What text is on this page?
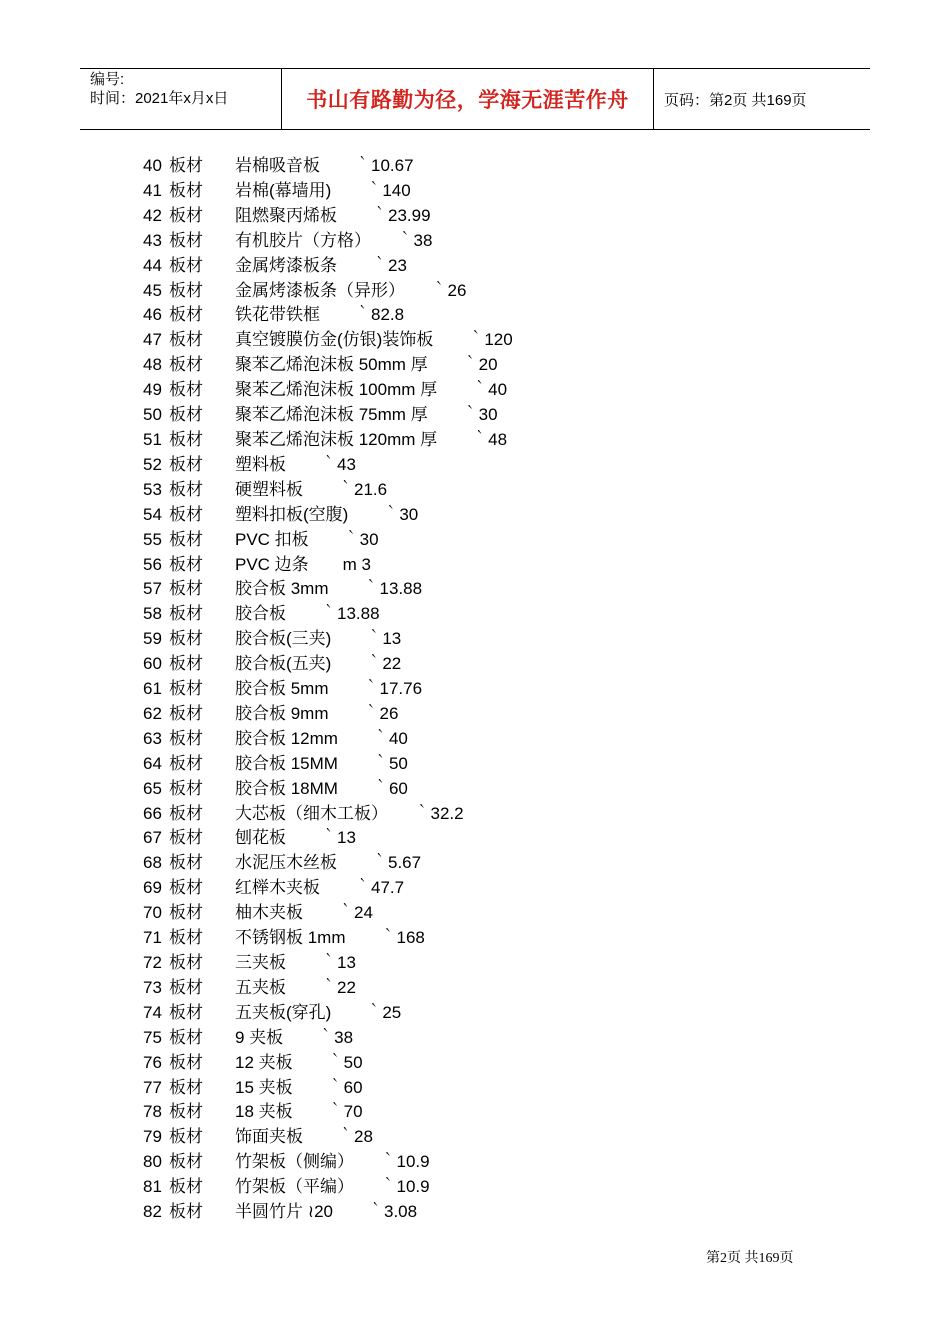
编号:
时间：2021年x月x日	书山有路勤为径，学海无涯苦作舟 页码：第2页 共169页
40 板材 岩棉吸音板　　｀10.67
41 板材 岩棉(幕墙用)　　｀140
42 板材 阻燃聚丙烯板　　｀23.99
43 板材 有机胶片（方格）　　｀38
44 板材 金属烤漆板条　　｀23
45 板材 金属烤漆板条（异形）　　｀26
46 板材 铁花带铁框　　｀82.8
47 板材 真空镀膜仿金(仿银)装饰板　　｀120
48 板材 聚苯乙烯泡沫板 50mm 厚　　｀20
49 板材 聚苯乙烯泡沫板 100mm 厚　　｀40
50 板材 聚苯乙烯泡沫板 75mm 厚　　｀30
51 板材 聚苯乙烯泡沫板 120mm 厚　　｀48
52 板材 塑料板　　｀43
53 板材 硬塑料板　　｀21.6
54 板材 塑料扣板(空腹)　　｀30
55 板材 PVC 扣板　　｀30
56 板材 PVC 边条　　m 3
57 板材 胶合板 3mm　　｀13.88
58 板材 胶合板　　｀13.88
59 板材 胶合板(三夹)　　｀13
60 板材 胶合板(五夹)　　｀22
61 板材 胶合板 5mm　　｀17.76
62 板材 胶合板 9mm　　｀26
63 板材 胶合板 12mm　　｀40
64 板材 胶合板 15MM　　｀50
65 板材 胶合板 18MM　　｀60
66 板材 大芯板（细木工板）　　｀32.2
67 板材 刨花板　　｀13
68 板材 水泥压木丝板　　｀5.67
69 板材 红榉木夹板　　｀47.7
70 板材 柚木夹板　　｀24
71 板材 不锈钢板 1mm　　｀168
72 板材 三夹板　　｀13
73 板材 五夹板　　｀22
74 板材 五夹板(穿孔)　　｀25
75 板材 9 夹板　　｀38
76 板材 12 夹板　　｀50
77 板材 15 夹板　　｀60
78 板材 18 夹板　　｀70
79 板材 饰面夹板　　｀28
80 板材 竹架板（侧编）　　｀10.9
81 板材 竹架板（平编）　　｀10.9
82 板材 半圆竹片 ≀20　　｀3.08
第2页 共169页
